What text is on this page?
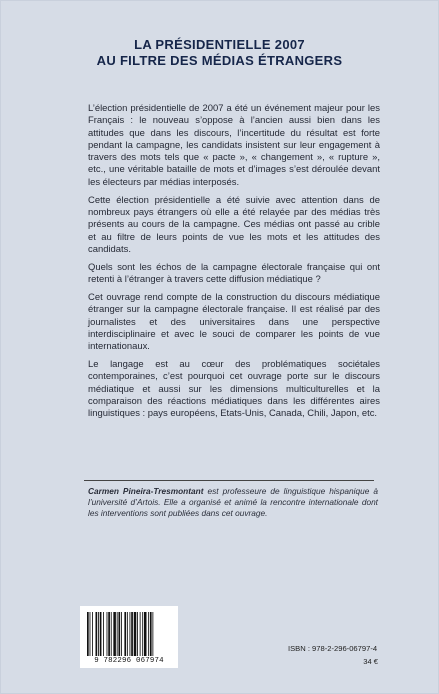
LA PRÉSIDENTIELLE 2007
AU FILTRE DES MÉDIAS ÉTRANGERS

L’élection présidentielle de 2007 a été un événement majeur pour les Français : le nouveau s’oppose à l’ancien aussi bien dans les attitudes que dans les discours, l’incertitude du résultat est forte pendant la campagne, les candidats insistent sur leur engagement à travers des mots tels que « pacte », « changement », « rupture », etc., une véritable bataille de mots et d’images s’est déroulée devant les électeurs par médias interposés.

Cette élection présidentielle a été suivie avec attention dans de nombreux pays étrangers où elle a été relayée par des médias très présents au cours de la campagne. Ces médias ont passé au crible et au filtre de leurs points de vue les mots et les attitudes des candidats.

Quels sont les échos de la campagne électorale française qui ont retenti à l’étranger à travers cette diffusion médiatique ?

Cet ouvrage rend compte de la construction du discours médiatique étranger sur la campagne électorale française. Il est réalisé par des journalistes et des universitaires dans une perspective interdisciplinaire et avec le souci de comparer les points de vue internationaux.

Le langage est au cœur des problématiques sociétales contemporaines, c’est pourquoi cet ouvrage porte sur le discours médiatique et aussi sur les dimensions multiculturelles et la comparaison des réactions médiatiques dans les différentes aires linguistiques : pays européens, Etats-Unis, Canada, Chili, Japon, etc.

Carmen Pineira-Tresmontant est professeure de linguistique hispanique à l’université d’Artois. Elle a organisé et animé la rencontre internationale dont les interventions sont publiées dans cet ouvrage.
9 782296 067974
ISBN : 978-2-296-06797-4
34 €
